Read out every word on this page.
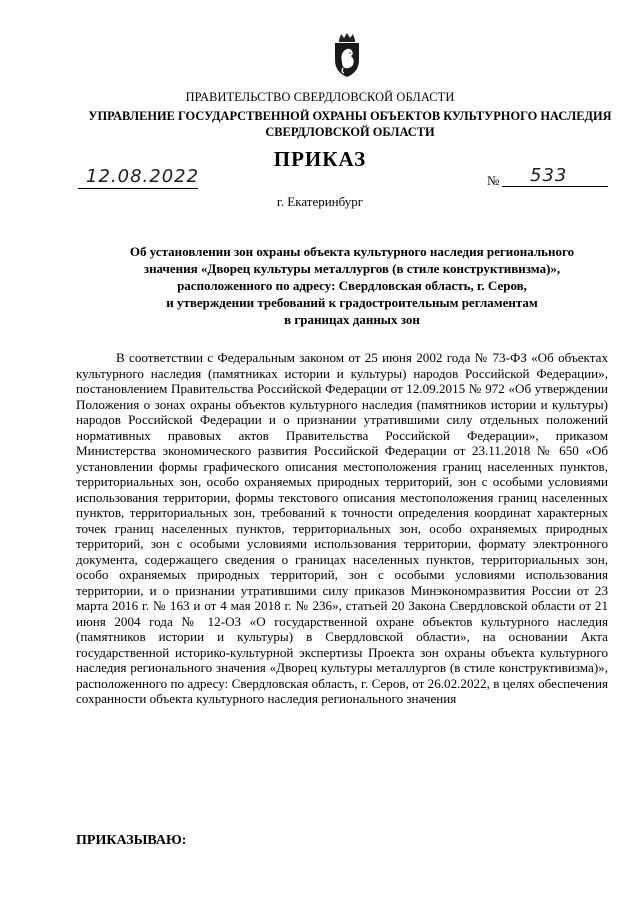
ПРАВИТЕЛЬСТВО СВЕРДЛОВСКОЙ ОБЛАСТИ
УПРАВЛЕНИЕ ГОСУДАРСТВЕННОЙ ОХРАНЫ ОБЪЕКТОВ КУЛЬТУРНОГО НАСЛЕДИЯ
СВЕРДЛОВСКОЙ ОБЛАСТИ
ПРИКАЗ
12.08.2022	№ 533
г. Екатеринбург
Об установлении зон охраны объекта культурного наследия регионального
значения «Дворец культуры металлургов (в стиле конструктивизма)»,
расположенного по адресу: Свердловская область, г. Серов,
и утверждении требований к градостроительным регламентам
в границах данных зон

В соответствии с Федеральным законом от 25 июня 2002 года № 73-ФЗ «Об объектах культурного наследия (памятниках истории и культуры) народов Российской Федерации», постановлением Правительства Российской Федерации от 12.09.2015 № 972 «Об утверждении Положения о зонах охраны объектов культурного наследия (памятников истории и культуры) народов Российской Федерации и о признании утратившими силу отдельных положений нормативных правовых актов Правительства Российской Федерации», приказом Министерства экономического развития Российской Федерации от 23.11.2018 № 650 «Об установлении формы графического описания местоположения границ населенных пунктов, территориальных зон, особо охраняемых природных территорий, зон с особыми условиями использования территории, формы текстового описания местоположения границ населенных пунктов, территориальных зон, требований к точности определения координат характерных точек границ населенных пунктов, территориальных зон, особо охраняемых природных территорий, зон с особыми условиями использования территории, формату электронного документа, содержащего сведения о границах населенных пунктов, территориальных зон, особо охраняемых природных территорий, зон с особыми условиями использования территории, и о признании утратившими силу приказов Минэкономразвития России от 23 марта 2016 г. № 163 и от 4 мая 2018 г. № 236», статьей 20 Закона Свердловской области от 21 июня 2004 года № 12-ОЗ «О государственной охране объектов культурного наследия (памятников истории и культуры) в Свердловской области», на основании Акта государственной историко-культурной экспертизы Проекта зон охраны объекта культурного наследия регионального значения «Дворец культуры металлургов (в стиле конструктивизма)», расположенного по адресу: Свердловская область, г. Серов, от 26.02.2022, в целях обеспечения сохранности объекта культурного наследия регионального значения

ПРИКАЗЫВАЮ:
